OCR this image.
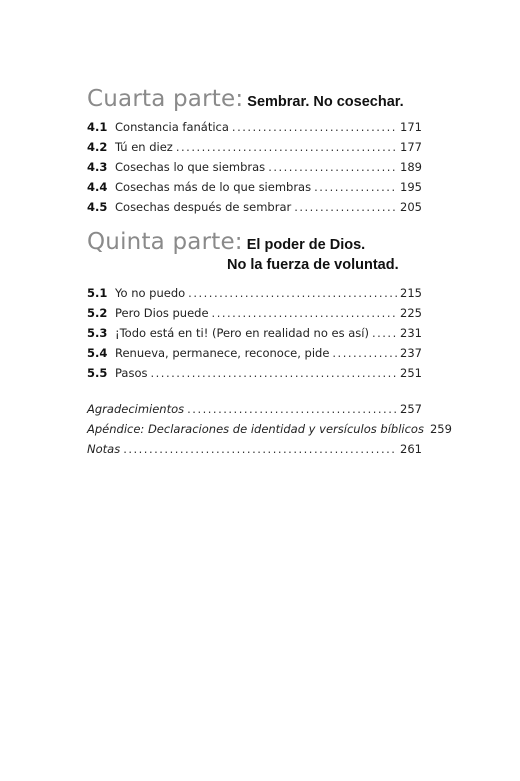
Cuarta parte: Sembrar. No cosechar.
4.1 Constancia fanática .....	171
4.2 Tú en diez .....	177
4.3 Cosechas lo que siembras .....	189
4.4 Cosechas más de lo que siembras .....	195
4.5 Cosechas después de sembrar .....	205
Quinta parte: El poder de Dios.
No la fuerza de voluntad.
5.1 Yo no puedo .....	215
5.2 Pero Dios puede .....	225
5.3 ¡Todo está en ti! (Pero en realidad no es así) .....	231
5.4 Renueva, permanece, reconoce, pide .....	237
5.5 Pasos .....	251
Agradecimientos .....	257
Apéndice: Declaraciones de identidad y versículos bíblicos 259
Notas .....	261
